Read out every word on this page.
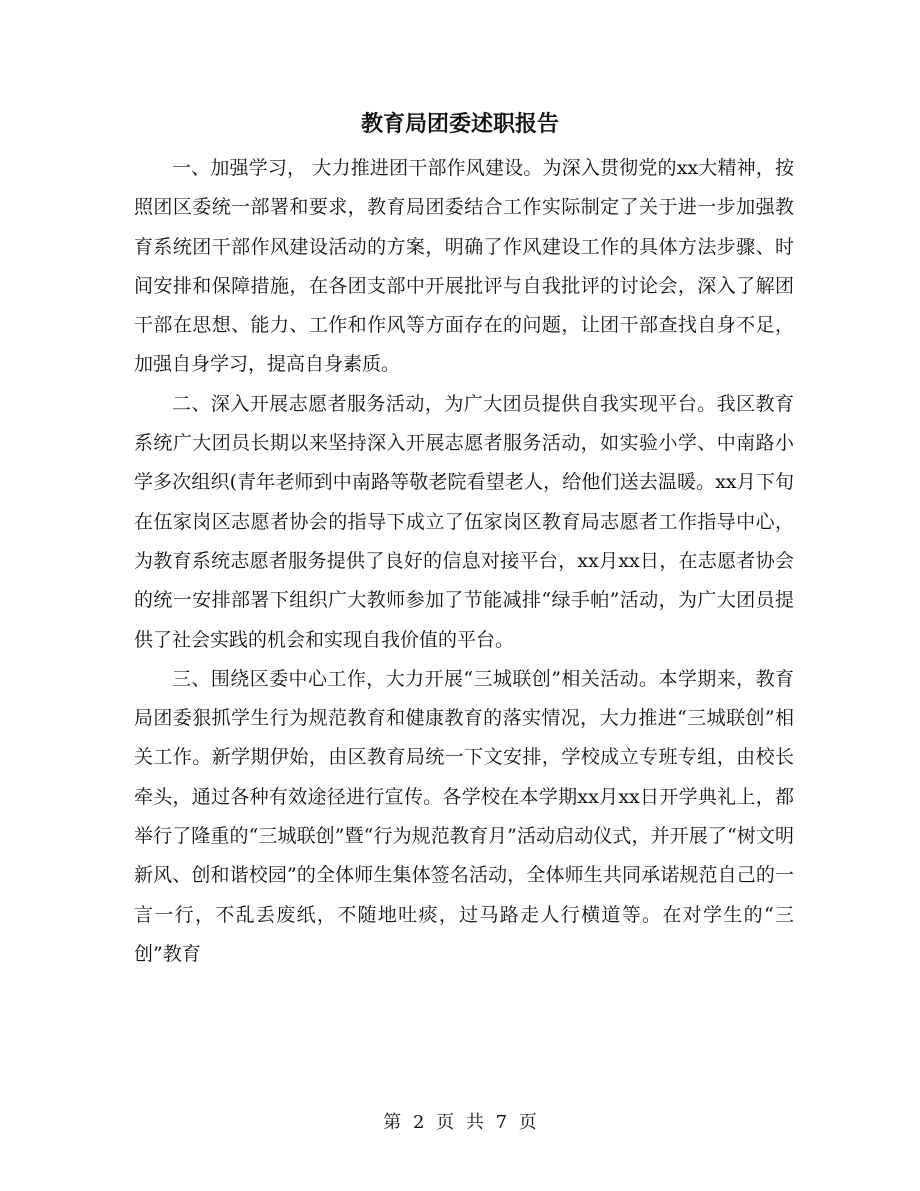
教育局团委述职报告

一、加强学习， 大力推进团干部作风建设。为深入贯彻党的xx大精神，按照团区委统一部署和要求，教育局团委结合工作实际制定了关于进一步加强教育系统团干部作风建设活动的方案，明确了作风建设工作的具体方法步骤、时间安排和保障措施，在各团支部中开展批评与自我批评的讨论会，深入了解团干部在思想、能力、工作和作风等方面存在的问题，让团干部查找自身不足，加强自身学习，提高自身素质。

二、深入开展志愿者服务活动，为广大团员提供自我实现平台。我区教育系统广大团员长期以来坚持深入开展志愿者服务活动，如实验小学、中南路小学多次组织(青年老师到中南路等敬老院看望老人，给他们送去温暖。xx月下旬在伍家岗区志愿者协会的指导下成立了伍家岗区教育局志愿者工作指导中心，为教育系统志愿者服务提供了良好的信息对接平台，xx月xx日，在志愿者协会的统一安排部署下组织广大教师参加了节能减排“绿手帕”活动，为广大团员提供了社会实践的机会和实现自我价值的平台。

三、围绕区委中心工作，大力开展“三城联创”相关活动。本学期来，教育局团委狠抓学生行为规范教育和健康教育的落实情况，大力推进“三城联创”相关工作。新学期伊始，由区教育局统一下文安排，学校成立专班专组，由校长牵头，通过各种有效途径进行宣传。各学校在本学期xx月xx日开学典礼上，都举行了隆重的“三城联创”暨“行为规范教育月”活动启动仪式，并开展了“树文明新风、创和谐校园”的全体师生集体签名活动，全体师生共同承诺规范自己的一言一行，不乱丢废纸，不随地吐痰，过马路走人行横道等。在对学生的“三创”教育

第 2 页 共 7 页
